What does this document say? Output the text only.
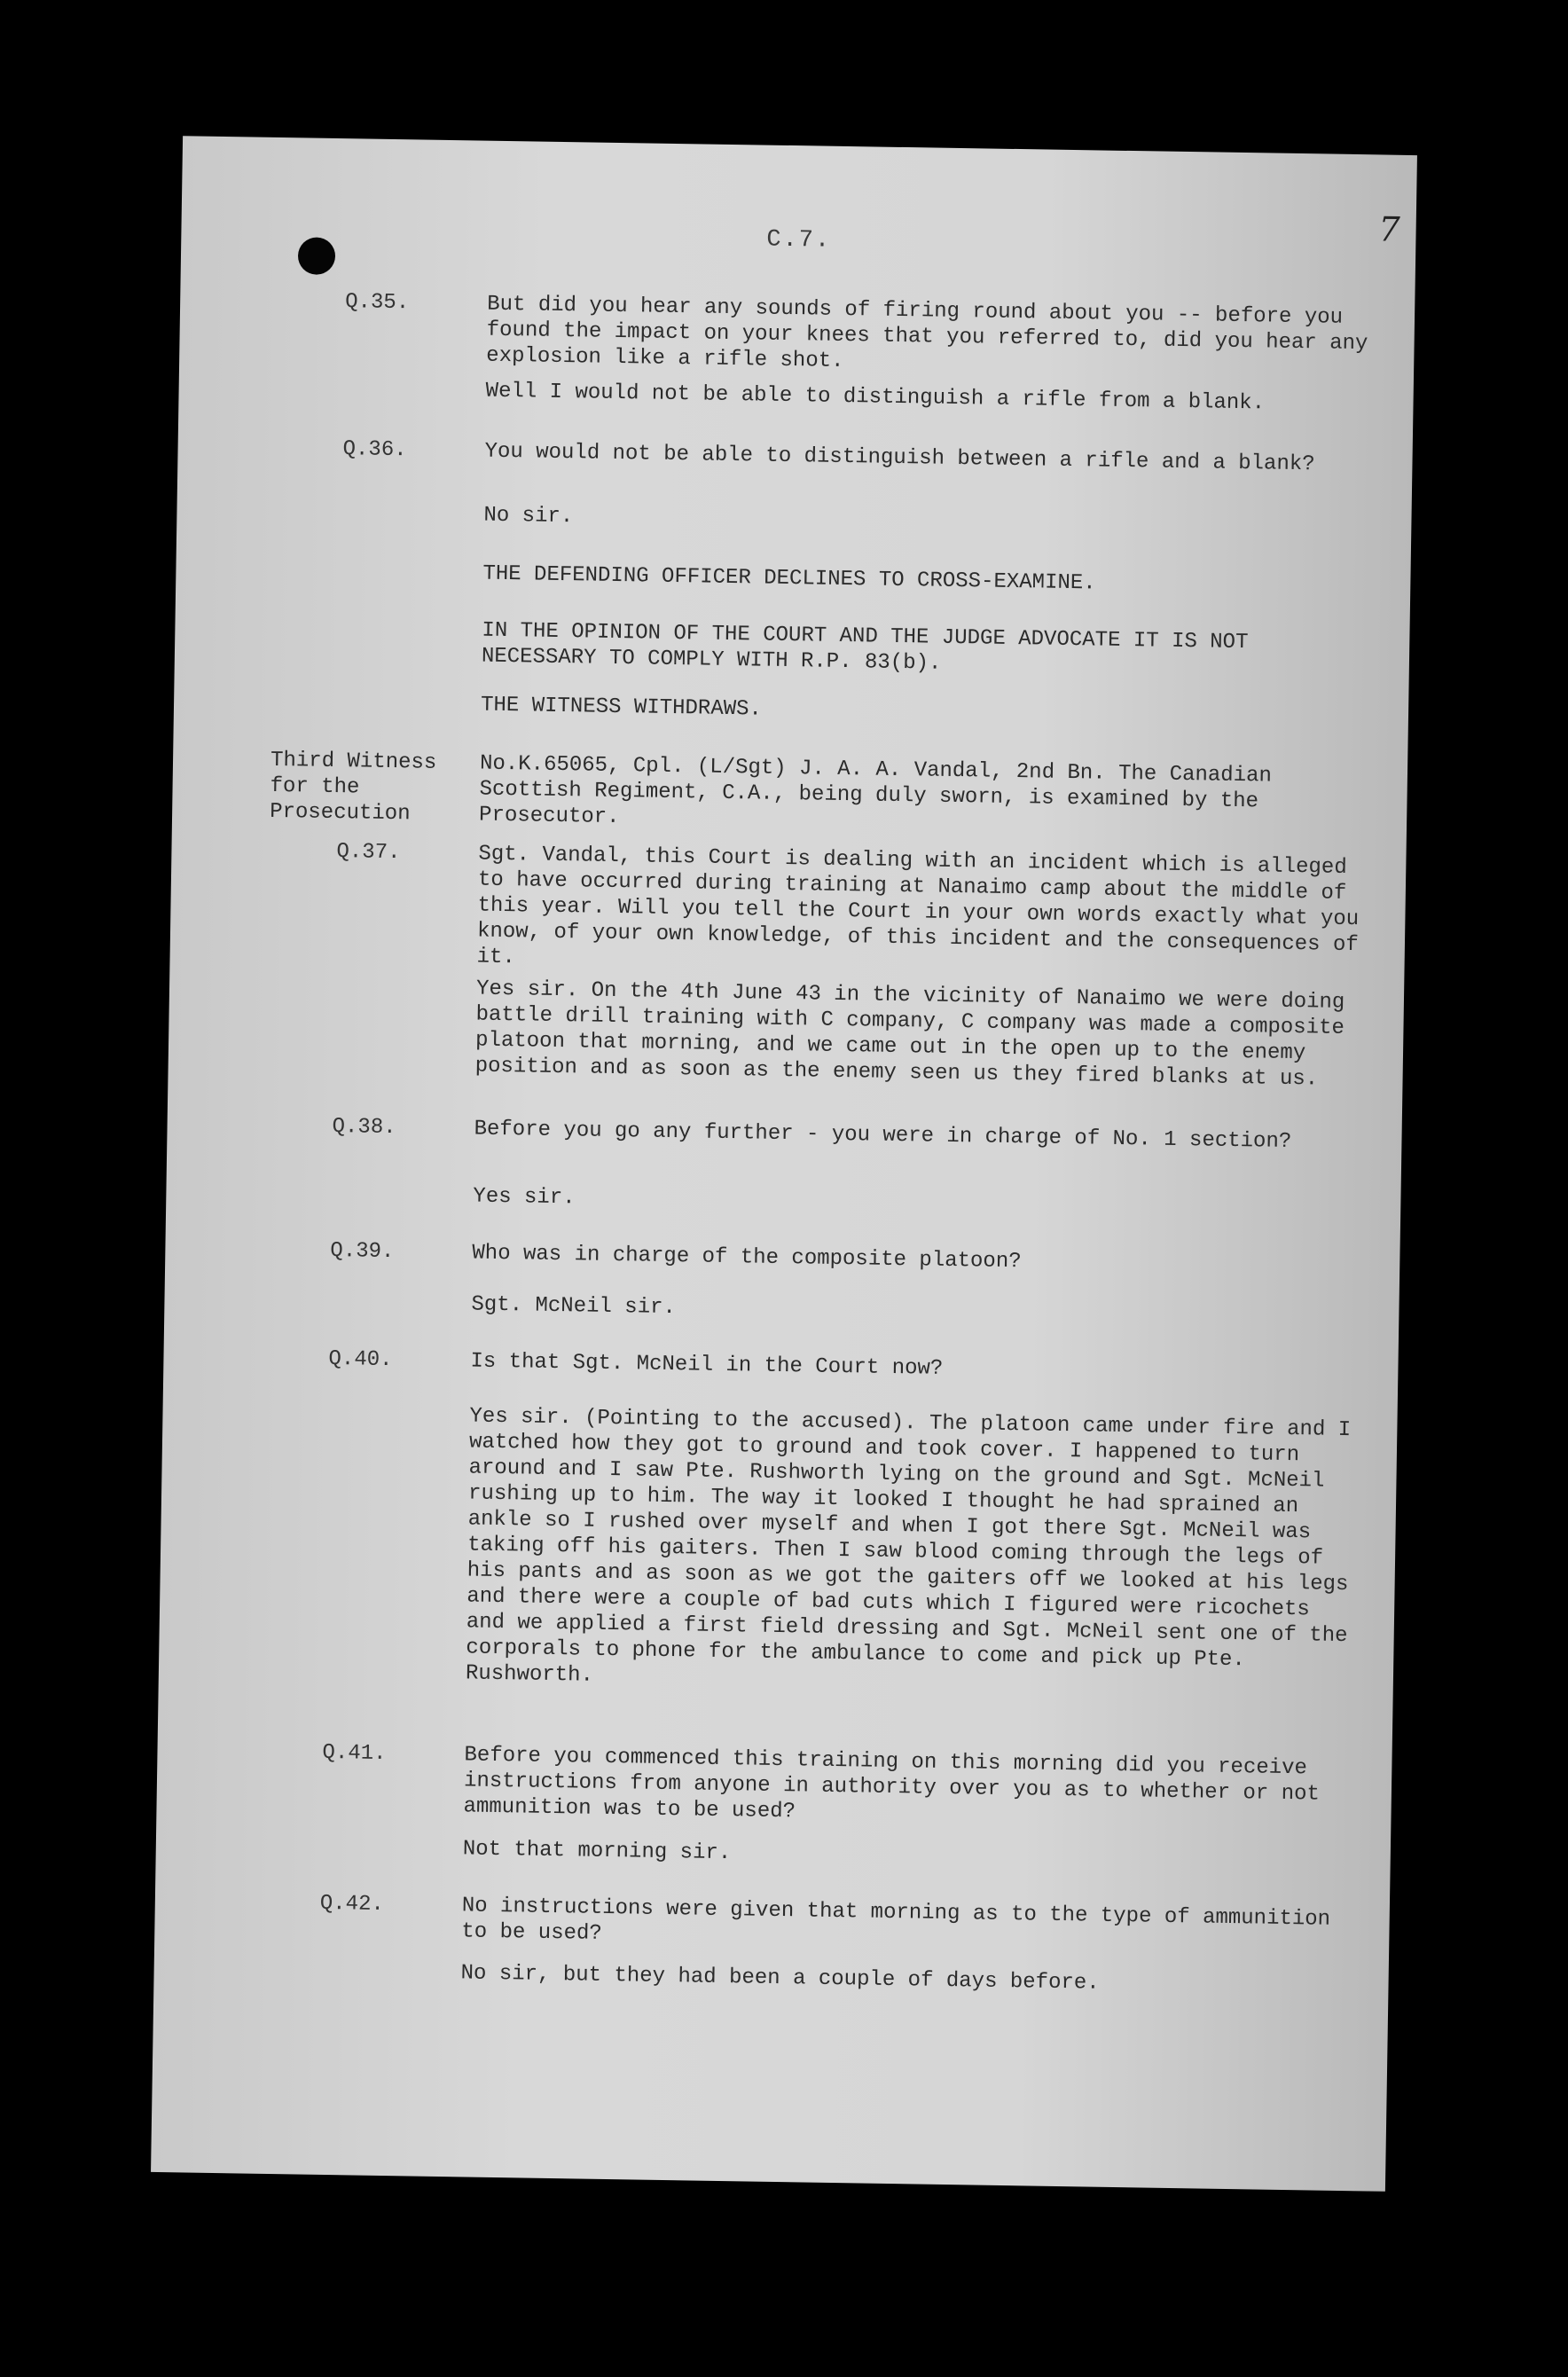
7
C.7.
Q.35.	But did you hear any sounds of firing round about you -- before you found the impact on your knees that you referred to, did you hear any explosion like a rifle shot.
Well I would not be able to distinguish a rifle from a blank.
Q.36.	You would not be able to distinguish between a rifle and a blank?
No sir.
THE DEFENDING OFFICER DECLINES TO CROSS-EXAMINE.
IN THE OPINION OF THE COURT AND THE JUDGE ADVOCATE IT IS NOT NECESSARY TO COMPLY WITH R.P. 83(b).
THE WITNESS WITHDRAWS.
Third Witness for the Prosecution
No.K.65065, Cpl. (L/Sgt) J. A. A. Vandal, 2nd Bn. The Canadian Scottish Regiment, C.A., being duly sworn, is examined by the Prosecutor.
Q.37.	Sgt. Vandal, this Court is dealing with an incident which is alleged to have occurred during training at Nanaimo camp about the middle of this year. Will you tell the Court in your own words exactly what you know, of your own knowledge, of this incident and the consequences of it.
Yes sir. On the 4th June 43 in the vicinity of Nanaimo we were doing battle drill training with C company, C company was made a composite platoon that morning, and we came out in the open up to the enemy position and as soon as the enemy seen us they fired blanks at us.
Q.38.	Before you go any further - you were in charge of No. 1 section?
Yes sir.
Q.39.	Who was in charge of the composite platoon?
Sgt. McNeil sir.
Q.40.	Is that Sgt. McNeil in the Court now?
Yes sir. (Pointing to the accused). The platoon came under fire and I watched how they got to ground and took cover. I happened to turn around and I saw Pte. Rushworth lying on the ground and Sgt. McNeil rushing up to him. The way it looked I thought he had sprained an ankle so I rushed over myself and when I got there Sgt. McNeil was taking off his gaiters. Then I saw blood coming through the legs of his pants and as soon as we got the gaiters off we looked at his legs and there were a couple of bad cuts which I figured were ricochets and we applied a first field dressing and Sgt. McNeil sent one of the corporals to phone for the ambulance to come and pick up Pte. Rushworth.
Q.41.	Before you commenced this training on this morning did you receive instructions from anyone in authority over you as to whether or not ammunition was to be used?
Not that morning sir.
Q.42.	No instructions were given that morning as to the type of ammunition to be used?
No sir, but they had been a couple of days before.
